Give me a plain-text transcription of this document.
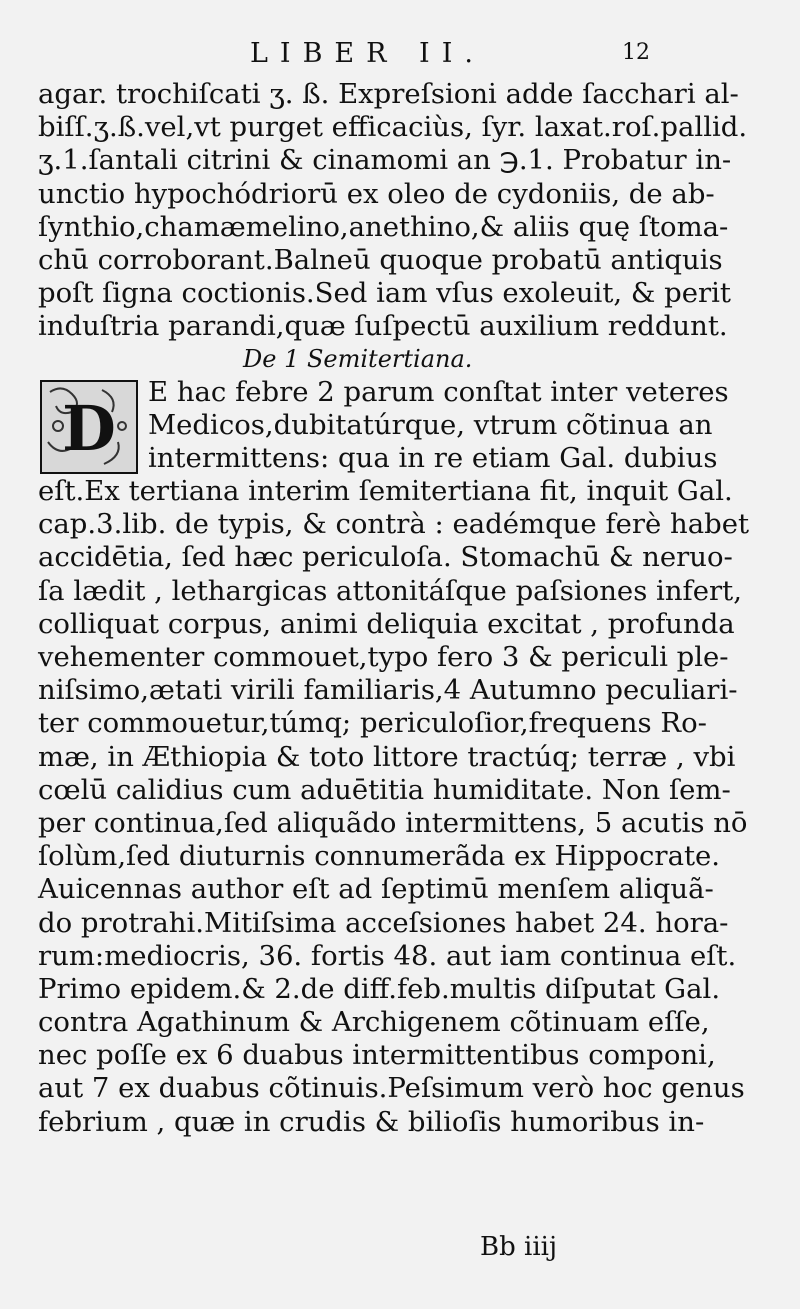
LIBER II.	12
agar. trochiſcati ʒ. ß. Expreſsioni adde ſacchari al-
biſſ.ʒ.ß.vel,vt purget efficaciùs, ſyr. laxat.roſ.pallid.
ʒ.1.ſantali citrini & cinamomi an ℈.1. Probatur in-
unctio hypochódriorū ex oleo de cydoniis, de ab-
ſynthio,chamæmelino,anethino,& aliis quę ſtoma-
chū corroborant.Balneū quoque probatū antiquis
poſt ſigna coctionis.Sed iam vſus exoleuit, & perit
induſtria parandi,quæ ſuſpectū auxilium reddunt.
De 1 Semitertiana.
D E hac febre 2 parum conſtat inter veteres
Medicos,dubitatúrque, vtrum cõtinua an
intermittens: qua in re etiam Gal. dubius
eſt.Ex tertiana interim ſemitertiana fit, inquit Gal.
cap.3.lib. de typis, & contrà : eadémque ferè habet
accidētia, ſed hæc periculoſa. Stomachū & neruo-
ſa lædit , lethargicas attonitáſque paſsiones infert,
colliquat corpus, animi deliquia excitat , profunda
vehementer commouet,typo fero 3 & periculi ple-
niſsimo,ætati virili familiaris,4 Autumno peculiari-
ter commouetur,túmq; periculoſior,frequens Ro-
mæ, in Æthiopia & toto littore tractúq; terræ , vbi
cœlū calidius cum aduētitia humiditate. Non ſem-
per continua,ſed aliquãdo intermittens, 5 acutis nō
ſolùm,ſed diuturnis connumerãda ex Hippocrate.
Auicennas author eſt ad ſeptimū menſem aliquã-
do protrahi.Mitiſsima acceſsiones habet 24. hora-
rum:mediocris, 36. fortis 48. aut iam continua eſt.
Primo epidem.& 2.de diff.feb.multis diſputat Gal.
contra Agathinum & Archigenem cõtinuam eſſe,
nec poſſe ex 6 duabus intermittentibus componi,
aut 7 ex duabus cõtinuis.Peſsimum verò hoc genus
febrium , quæ in crudis & bilioſis humoribus in-
Bb iiij
